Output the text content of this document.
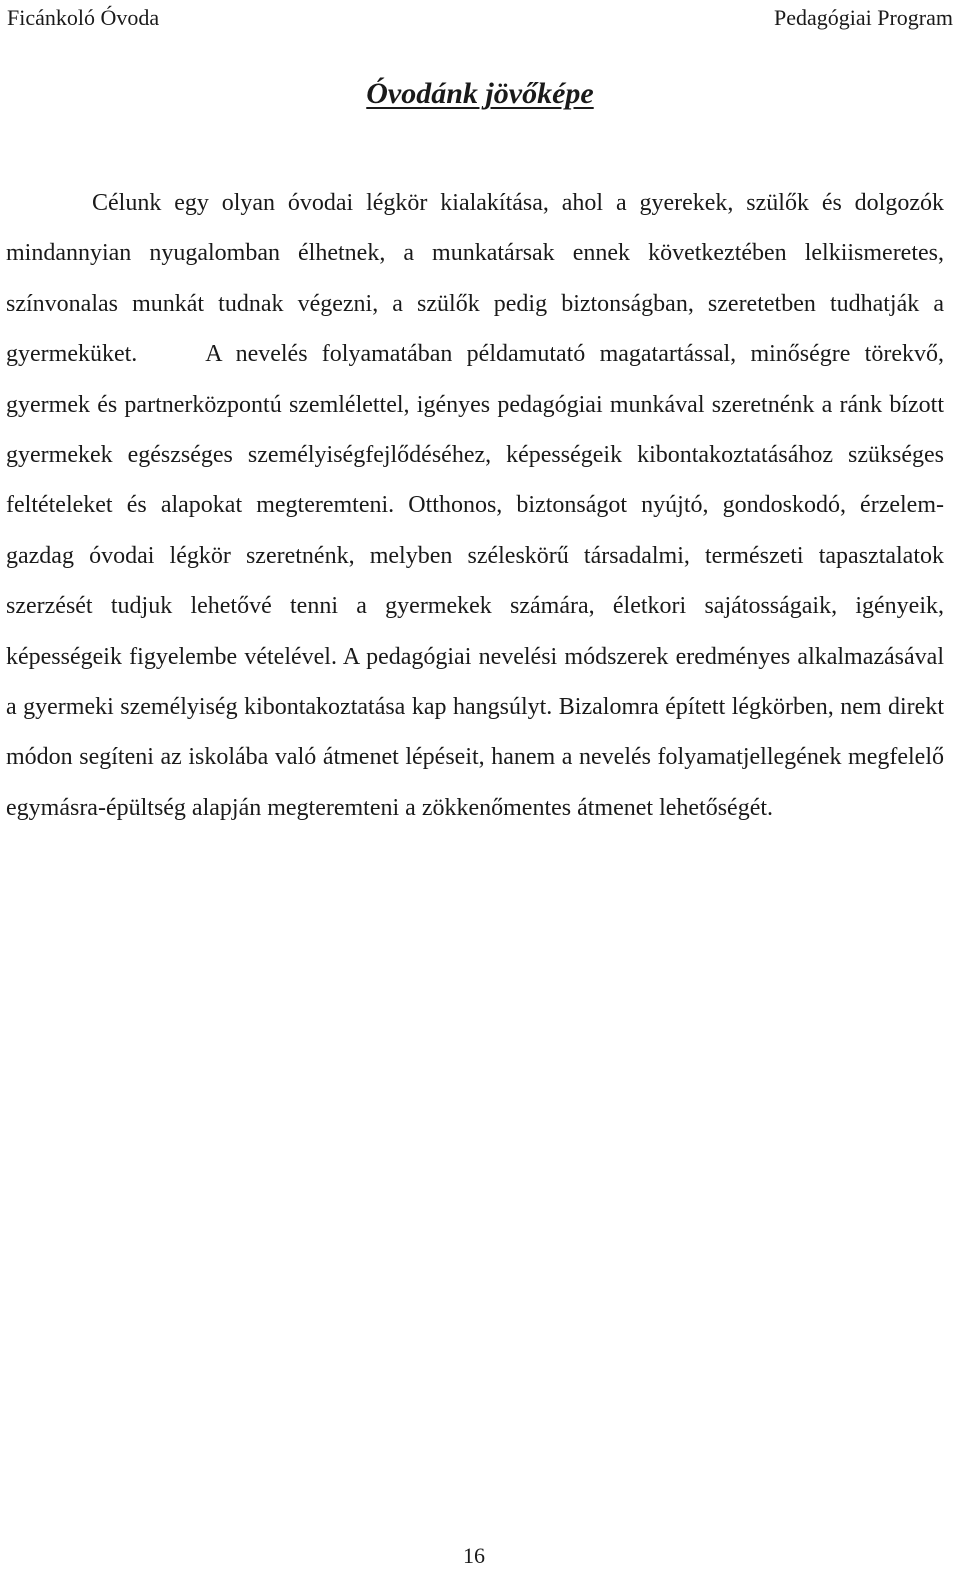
Ficánkoló Óvoda	Pedagógiai Program
Óvodánk jövőképe

Célunk egy olyan óvodai légkör kialakítása, ahol a gyerekek, szülők és dolgozók mindannyian nyugalomban élhetnek, a munkatársak ennek következtében lelkiismeretes, színvonalas munkát tudnak végezni, a szülők pedig biztonságban, szeretetben tudhatják a gyermeküket.	A nevelés folyamatában példamutató magatartással, minőségre törekvő, gyermek és partnerközpontú szemlélettel, igényes pedagógiai munkával szeretnénk a ránk bízott gyermekek egészséges személyiségfejlődéséhez, képességeik kibontakoztatásához szükséges feltételeket és alapokat megteremteni. Otthonos, biztonságot nyújtó, gondoskodó, érzelem-gazdag óvodai légkör szeretnénk, melyben széleskörű társadalmi, természeti tapasztalatok szerzését tudjuk lehetővé tenni a gyermekek számára, életkori sajátosságaik, igényeik, képességeik figyelembe vételével. A pedagógiai nevelési módszerek eredményes alkalmazásával a gyermeki személyiség kibontakoztatása kap hangsúlyt. Bizalomra épített légkörben, nem direkt módon segíteni az iskolába való átmenet lépéseit, hanem a nevelés folyamatjellegének megfelelő egymásra-épültség alapján megteremteni a zökkenőmentes átmenet lehetőségét.

16
